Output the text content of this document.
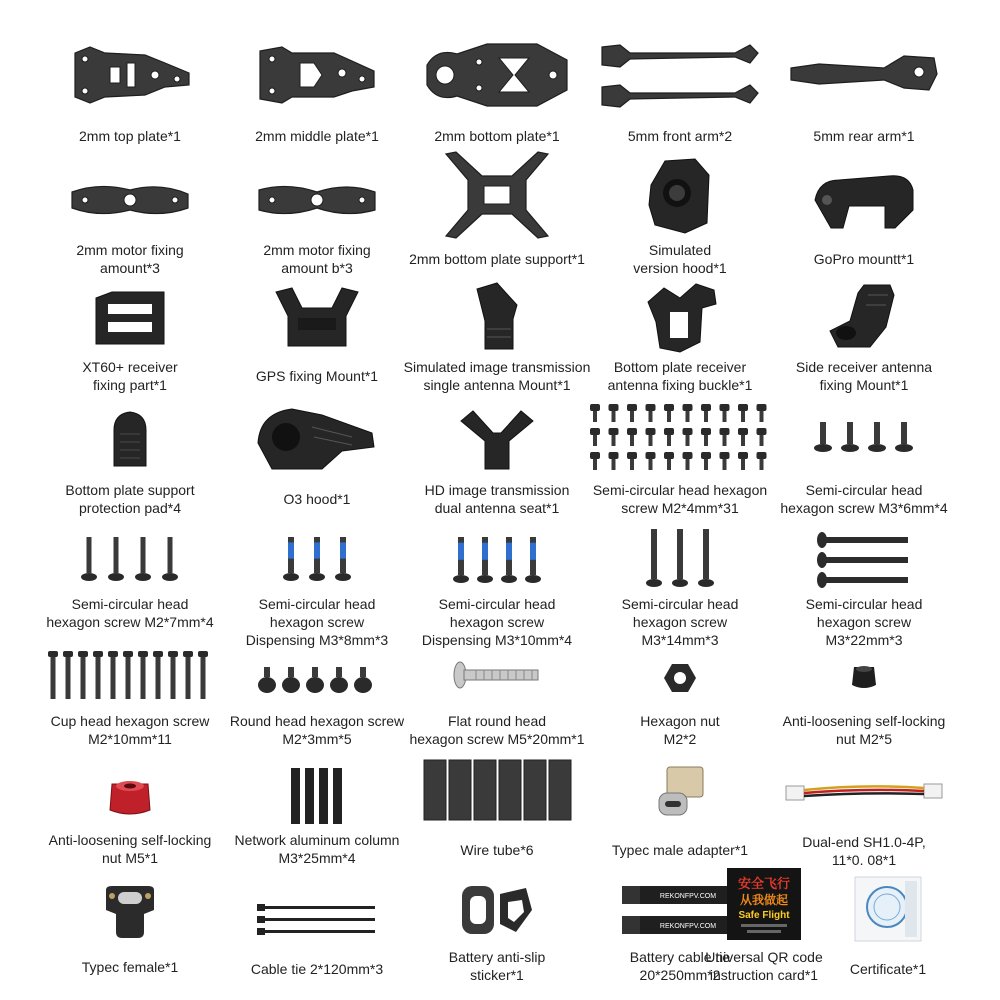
2mm top plate*1	2mm middle plate*1	2mm bottom plate*1	5mm front arm*2	5mm rear arm*1
2mm motor fixing
amount*3
2mm motor fixing
amount b*3
2mm bottom plate support*1
Simulated
version hood*1
GoPro mountt*1
XT60+ receiver
fixing part*1
GPS fixing Mount*1
Simulated image transmission
single antenna Mount*1
Bottom plate receiver
antenna fixing buckle*1
Side receiver antenna
fixing Mount*1
Bottom plate support
protection pad*4
O3 hood*1
HD image transmission
dual antenna seat*1
Semi-circular head hexagon
screw M2*4mm*31
Semi-circular head
hexagon screw M3*6mm*4
Semi-circular head
hexagon screw M2*7mm*4
Semi-circular head
hexagon screw
Dispensing M3*8mm*3
Semi-circular head
hexagon screw
Dispensing M3*10mm*4
Semi-circular head
hexagon screw
M3*14mm*3
Semi-circular head
hexagon screw
M3*22mm*3
Cup head hexagon screw
M2*10mm*11
Round head hexagon screw
M2*3mm*5
Flat round head
hexagon screw M5*20mm*1
Hexagon nut
M2*2
Anti-loosening self-locking
nut M2*5
Anti-loosening self-locking
nut M5*1
Network aluminum column
M3*25mm*4	Wire tube*6	Typec male adapter*1	Dual-end SH1.0-4P,
11*0. 08*1
Typec female*1	Cable tie 2*120mm*3
Battery anti-slip
sticker*1
REKONFPV.COM
REKONFPV.COM
Battery cable tie
20*250mm*2
安全飞行
从我做起
Safe Flight
Universal QR code
instruction card*1	Certificate*1
